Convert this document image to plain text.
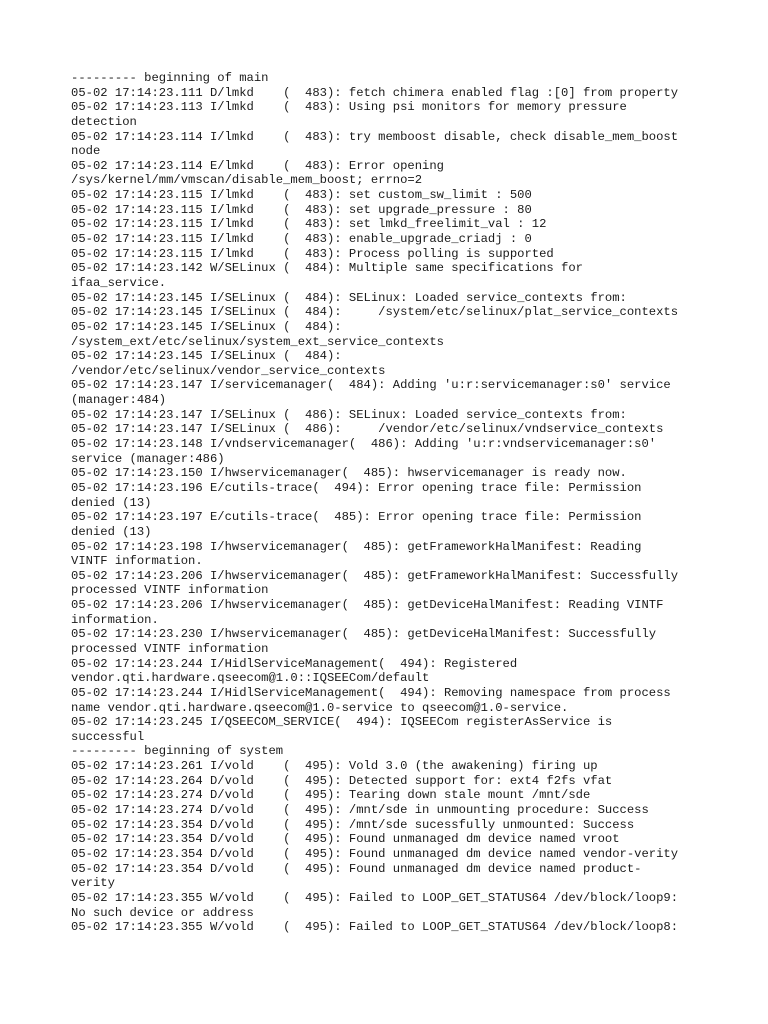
--------- beginning of main
05-02 17:14:23.111 D/lmkd    (  483): fetch chimera enabled flag :[0] from property
05-02 17:14:23.113 I/lmkd    (  483): Using psi monitors for memory pressure
detection
05-02 17:14:23.114 I/lmkd    (  483): try memboost disable, check disable_mem_boost
node
05-02 17:14:23.114 E/lmkd    (  483): Error opening
/sys/kernel/mm/vmscan/disable_mem_boost; errno=2
05-02 17:14:23.115 I/lmkd    (  483): set custom_sw_limit : 500
05-02 17:14:23.115 I/lmkd    (  483): set upgrade_pressure : 80
05-02 17:14:23.115 I/lmkd    (  483): set lmkd_freelimit_val : 12
05-02 17:14:23.115 I/lmkd    (  483): enable_upgrade_criadj : 0
05-02 17:14:23.115 I/lmkd    (  483): Process polling is supported
05-02 17:14:23.142 W/SELinux (  484): Multiple same specifications for
ifaa_service.
05-02 17:14:23.145 I/SELinux (  484): SELinux: Loaded service_contexts from:
05-02 17:14:23.145 I/SELinux (  484):     /system/etc/selinux/plat_service_contexts
05-02 17:14:23.145 I/SELinux (  484):
/system_ext/etc/selinux/system_ext_service_contexts
05-02 17:14:23.145 I/SELinux (  484):
/vendor/etc/selinux/vendor_service_contexts
05-02 17:14:23.147 I/servicemanager(  484): Adding 'u:r:servicemanager:s0' service
(manager:484)
05-02 17:14:23.147 I/SELinux (  486): SELinux: Loaded service_contexts from:
05-02 17:14:23.147 I/SELinux (  486):     /vendor/etc/selinux/vndservice_contexts
05-02 17:14:23.148 I/vndservicemanager(  486): Adding 'u:r:vndservicemanager:s0'
service (manager:486)
05-02 17:14:23.150 I/hwservicemanager(  485): hwservicemanager is ready now.
05-02 17:14:23.196 E/cutils-trace(  494): Error opening trace file: Permission
denied (13)
05-02 17:14:23.197 E/cutils-trace(  485): Error opening trace file: Permission
denied (13)
05-02 17:14:23.198 I/hwservicemanager(  485): getFrameworkHalManifest: Reading
VINTF information.
05-02 17:14:23.206 I/hwservicemanager(  485): getFrameworkHalManifest: Successfully
processed VINTF information
05-02 17:14:23.206 I/hwservicemanager(  485): getDeviceHalManifest: Reading VINTF
information.
05-02 17:14:23.230 I/hwservicemanager(  485): getDeviceHalManifest: Successfully
processed VINTF information
05-02 17:14:23.244 I/HidlServiceManagement(  494): Registered
vendor.qti.hardware.qseecom@1.0::IQSEECom/default
05-02 17:14:23.244 I/HidlServiceManagement(  494): Removing namespace from process
name vendor.qti.hardware.qseecom@1.0-service to qseecom@1.0-service.
05-02 17:14:23.245 I/QSEECOM_SERVICE(  494): IQSEECom registerAsService is
successful
--------- beginning of system
05-02 17:14:23.261 I/vold    (  495): Vold 3.0 (the awakening) firing up
05-02 17:14:23.264 D/vold    (  495): Detected support for: ext4 f2fs vfat
05-02 17:14:23.274 D/vold    (  495): Tearing down stale mount /mnt/sde
05-02 17:14:23.274 D/vold    (  495): /mnt/sde in unmounting procedure: Success
05-02 17:14:23.354 D/vold    (  495): /mnt/sde sucessfully unmounted: Success
05-02 17:14:23.354 D/vold    (  495): Found unmanaged dm device named vroot
05-02 17:14:23.354 D/vold    (  495): Found unmanaged dm device named vendor-verity
05-02 17:14:23.354 D/vold    (  495): Found unmanaged dm device named product-
verity
05-02 17:14:23.355 W/vold    (  495): Failed to LOOP_GET_STATUS64 /dev/block/loop9:
No such device or address
05-02 17:14:23.355 W/vold    (  495): Failed to LOOP_GET_STATUS64 /dev/block/loop8:
